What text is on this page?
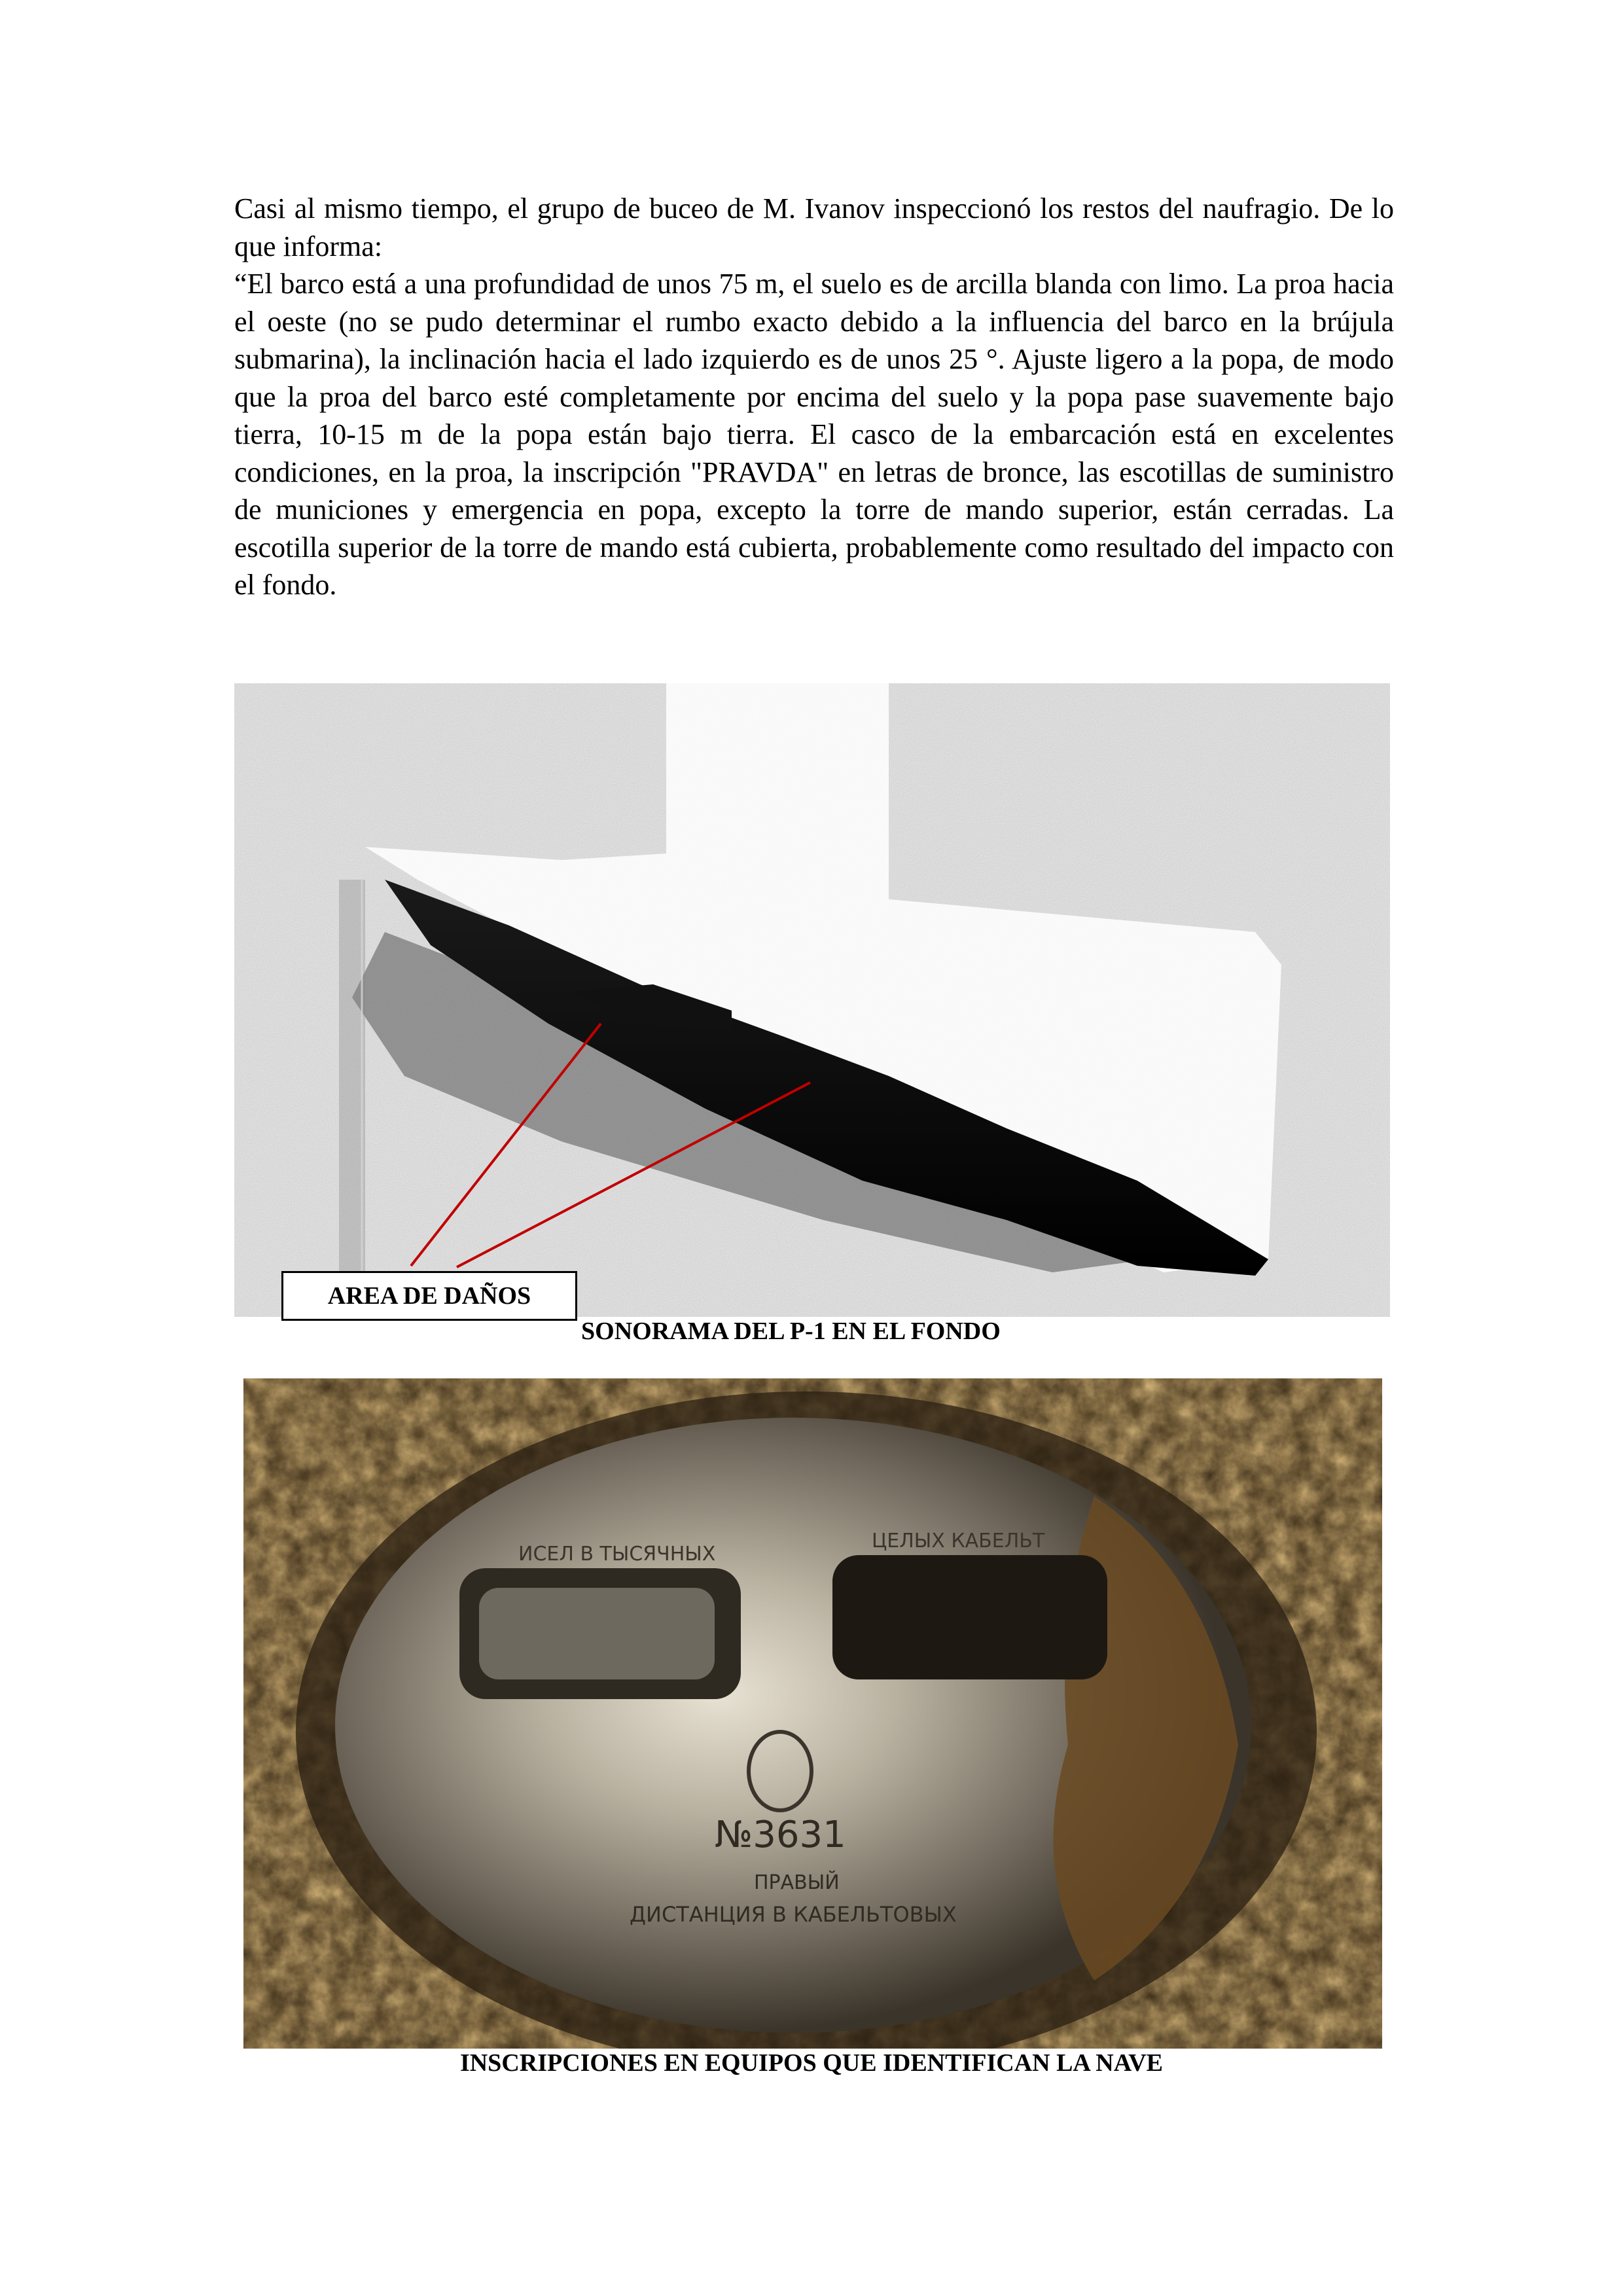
Casi al mismo tiempo, el grupo de buceo de M. Ivanov inspeccionó los restos del naufragio. De lo que informa:

“El barco está a una profundidad de unos 75 m, el suelo es de arcilla blanda con limo. La proa hacia el oeste (no se pudo determinar el rumbo exacto debido a la influencia del barco en la brújula submarina), la inclinación hacia el lado izquierdo es de unos 25 °. Ajuste ligero a la popa, de modo que la proa del barco esté completamente por encima del suelo y la popa pase suavemente bajo tierra, 10-15 m de la popa están bajo tierra. El casco de la embarcación está en excelentes condiciones, en la proa, la inscripción "PRAVDA" en letras de bronce, las escotillas de suministro de municiones y emergencia en popa, excepto la torre de mando superior, están cerradas. La escotilla superior de la torre de mando está cubierta, probablemente como resultado del impacto con el fondo.

AREA DE DAÑOS
SONORAMA DEL P-1 EN EL FONDO
ИСЕЛ В ТЫСЯЧНЫХ
ЦЕЛЫХ КАБЕЛЬТ
№3631
ПРАВЫЙ
ДИСТАНЦИЯ В КАБЕЛЬТОВЫХ
INSCRIPCIONES EN EQUIPOS QUE IDENTIFICAN LA NAVE
